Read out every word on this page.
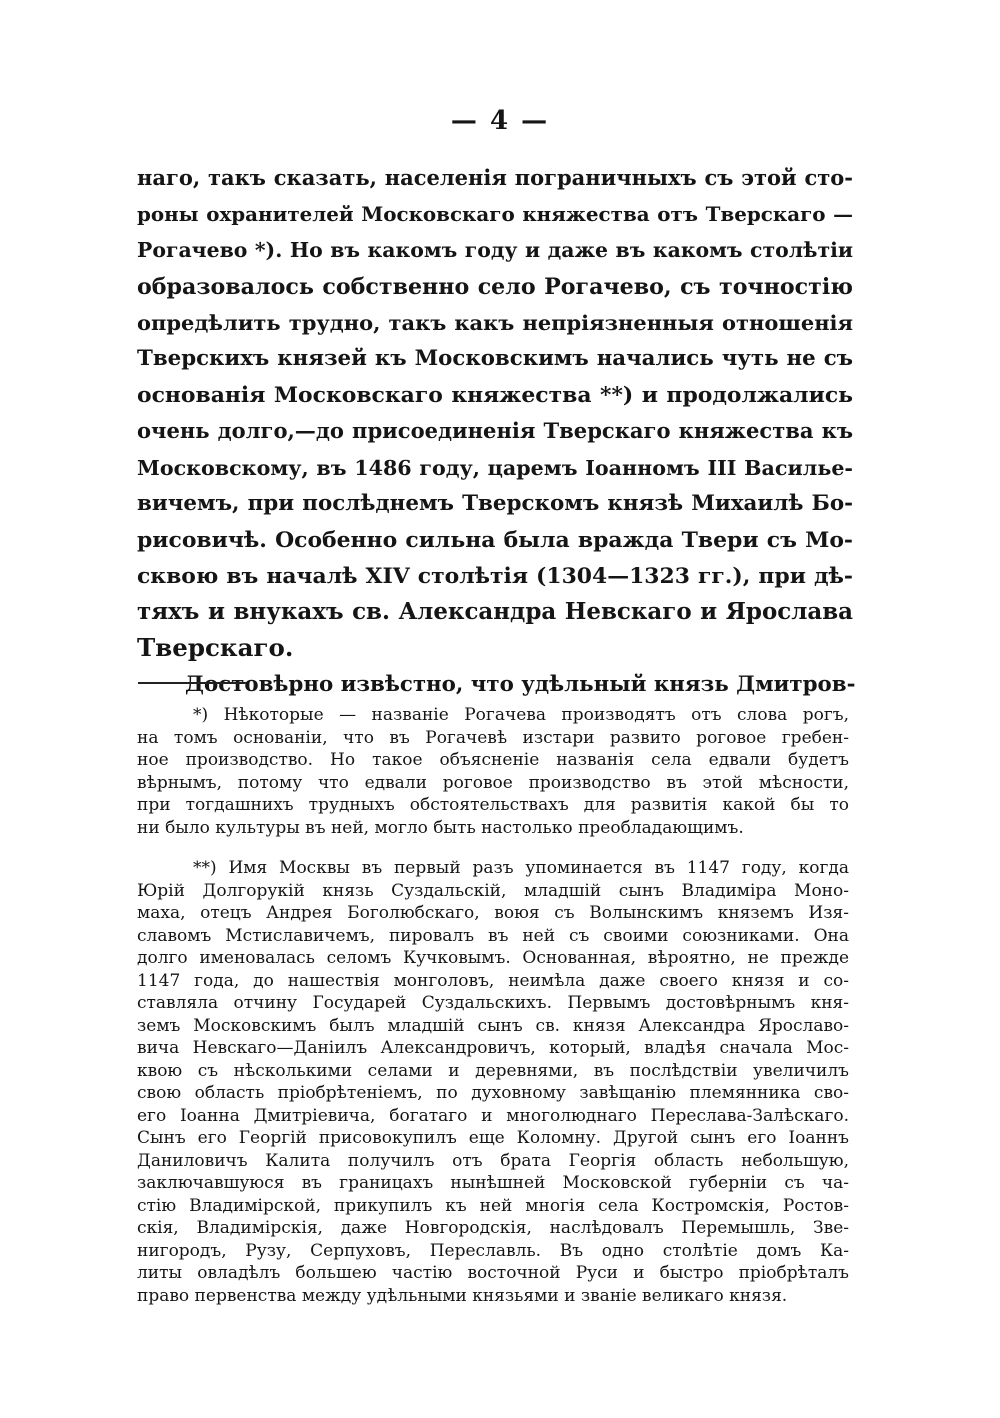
— 4 —
наго, такъ сказать, населенія пограничныхъ съ этой сто-
роны охранителей Московскаго княжества отъ Тверскаго —
Рогачево *). Но въ какомъ году и даже въ какомъ столѣтіи
образовалось собственно село Рогачево, съ точностію
опредѣлить трудно, такъ какъ непріязненныя отношенія
Тверскихъ князей къ Московскимъ начались чуть не съ
основанія Московскаго княжества **) и продолжались
очень долго,—до присоединенія Тверскаго княжества къ
Московскому, въ 1486 году, царемъ Іоанномъ III Василье-
вичемъ, при послѣднемъ Тверскомъ князѣ Михаилѣ Бо-
рисовичѣ. Особенно сильна была вражда Твери съ Мо-
сквою въ началѣ XIV столѣтія (1304—1323 гг.), при дѣ-
тяхъ и внукахъ св. Александра Невскаго и Ярослава
Тверскаго.
Достовѣрно извѣстно, что удѣльный князь Дмитров-
*) Нѣкоторые — названіе Рогачева производятъ отъ слова рогъ,
на томъ основаніи, что въ Рогачевѣ изстари развито роговое гребен-
ное производство. Но такое объясненіе названія села едвали будетъ
вѣрнымъ, потому что едвали роговое производство въ этой мѣсности,
при тогдашнихъ трудныхъ обстоятельствахъ для развитія какой бы то
ни было культуры въ ней, могло быть настолько преобладающимъ.
**) Имя Москвы въ первый разъ упоминается въ 1147 году, когда
Юрій Долгорукій князь Суздальскій, младшій сынъ Владиміра Моно-
маха, отецъ Андрея Боголюбскаго, воюя съ Волынскимъ княземъ Изя-
славомъ Мстиславичемъ, пировалъ въ ней съ своими союзниками. Она
долго именовалась селомъ Кучковымъ. Основанная, вѣроятно, не прежде
1147 года, до нашествія монголовъ, неимѣла даже своего князя и со-
ставляла отчину Государей Суздальскихъ. Первымъ достовѣрнымъ кня-
земъ Московскимъ былъ младшій сынъ св. князя Александра Ярославо-
вича Невскаго—Даніилъ Александровичъ, который, владѣя сначала Мос-
квою съ нѣсколькими селами и деревнями, въ послѣдствіи увеличилъ
свою область пріобрѣтеніемъ, по духовному завѣщанію племянника сво-
его Іоанна Дмитріевича, богатаго и многолюднаго Переслава-Залѣскаго.
Сынъ его Георгій присовокупилъ еще Коломну. Другой сынъ его Іоаннъ
Даниловичъ Калита получилъ отъ брата Георгія область небольшую,
заключавшуюся въ границахъ нынѣшней Московской губерніи съ ча-
стію Владимірской, прикупилъ къ ней многія села Костромскія, Ростов-
скія, Владимірскія, даже Новгородскія, наслѣдовалъ Перемышль, Зве-
нигородъ, Рузу, Серпуховъ, Переславль. Въ одно столѣтіе домъ Ка-
литы овладѣлъ большею частію восточной Руси и быстро пріобрѣталъ
право первенства между удѣльными князьями и званіе великаго князя.
